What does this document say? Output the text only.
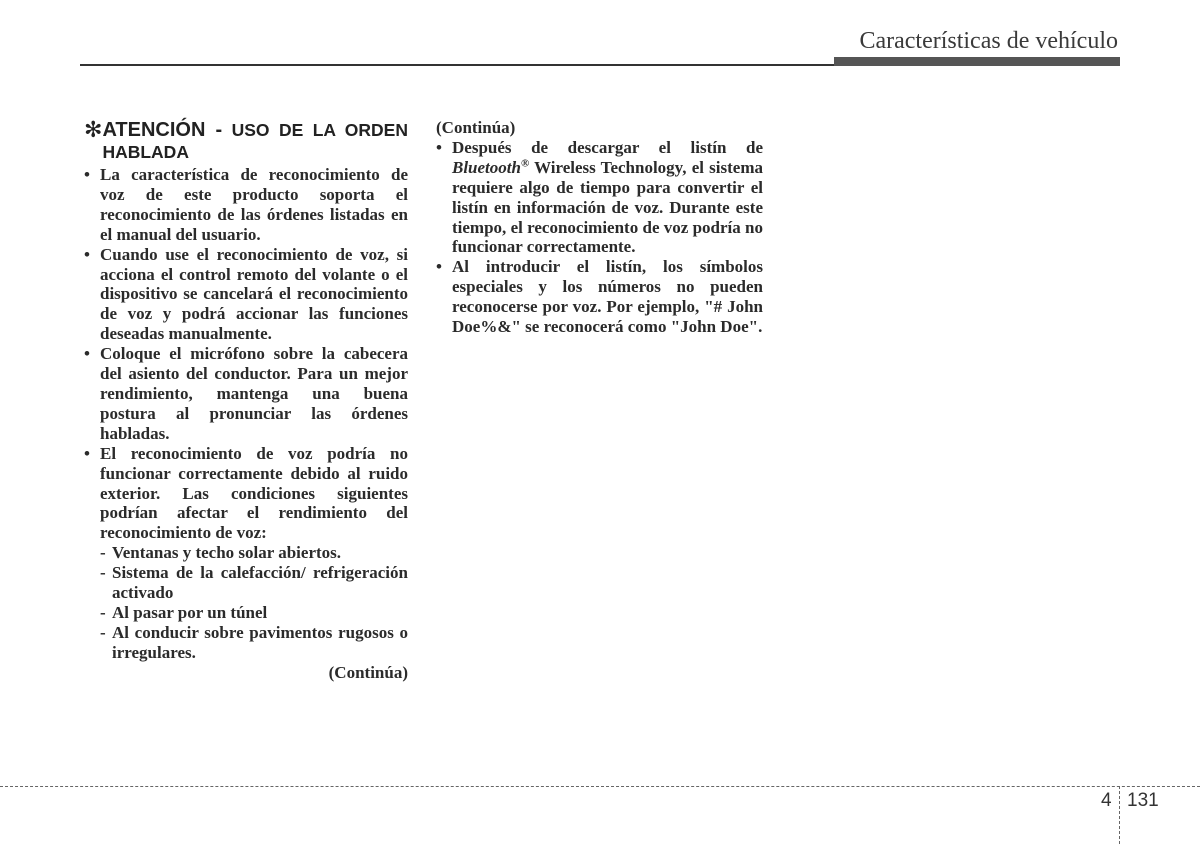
Características de vehículo
✻ ATENCIÓN - USO DE LA ORDEN HABLADA

• La característica de reconocimiento de voz de este producto soporta el reconocimiento de las órdenes listadas en el manual del usuario.

• Cuando use el reconocimiento de voz, si acciona el control remoto del volante o el dispositivo se cancelará el reconocimiento de voz y podrá accionar las funciones deseadas manualmente.

• Coloque el micrófono sobre la cabecera del asiento del conductor. Para un mejor rendimiento, mantenga una buena postura al pronunciar las órdenes habladas.

• El reconocimiento de voz podría no funcionar correctamente debido al ruido exterior. Las condiciones siguientes podrían afectar el rendimiento del reconocimiento de voz:

- Ventanas y techo solar abiertos.

- Sistema de la calefacción/ refrigeración activado

- Al pasar por un túnel

- Al conducir sobre pavimentos rugosos o irregulares.

(Continúa)
(Continúa)

• Después de descargar el listín de Bluetooth® Wireless Technology, el sistema requiere algo de tiempo para convertir el listín en información de voz. Durante este tiempo, el reconocimiento de voz podría no funcionar correctamente.

• Al introducir el listín, los símbolos especiales y los números no pueden reconocerse por voz. Por ejemplo, "# John Doe%&" se reconocerá como "John Doe".

4 131
